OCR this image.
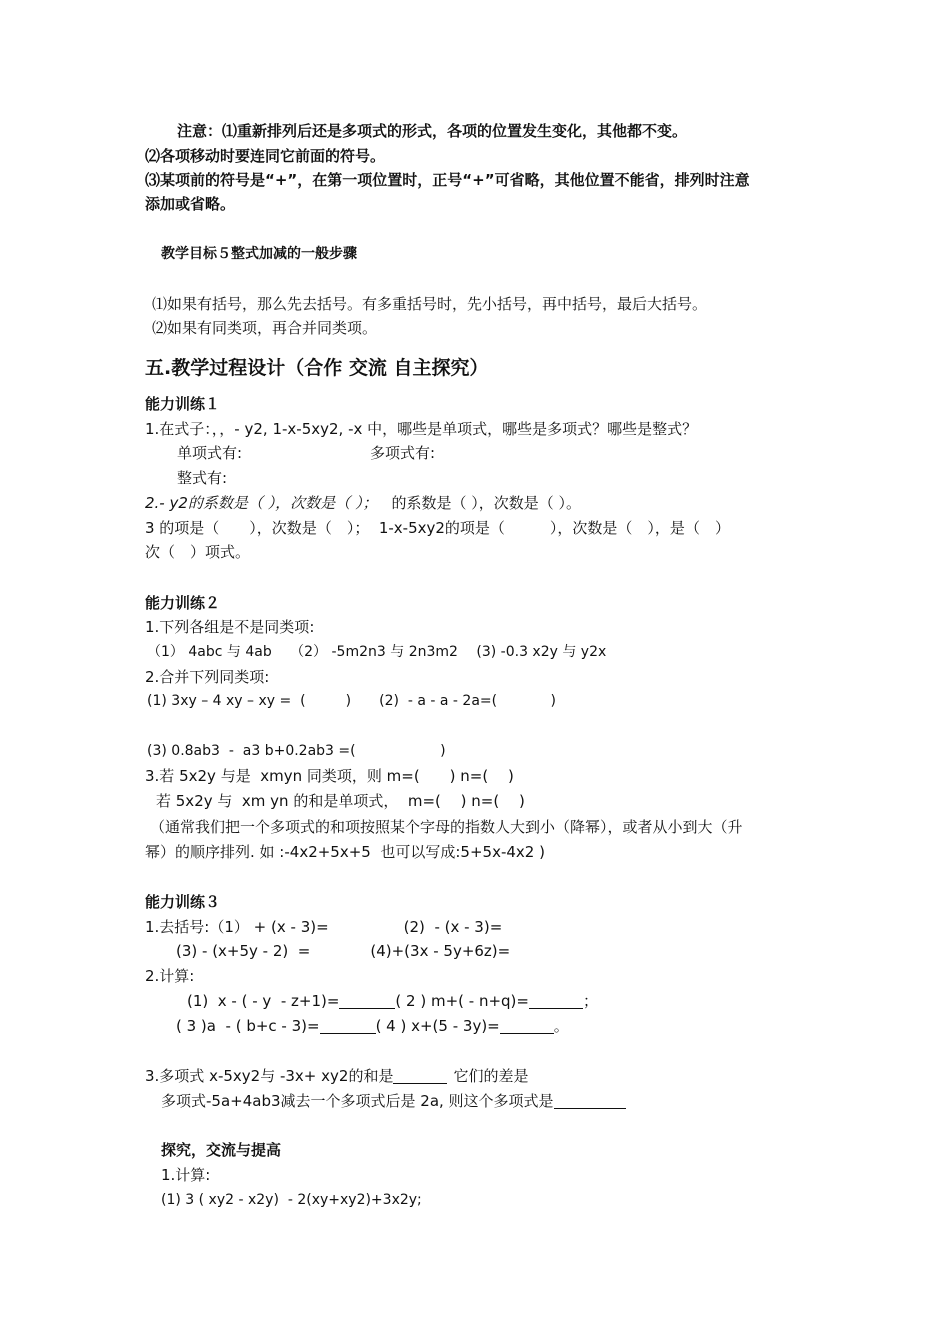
注意：⑴重新排列后还是多项式的形式，各项的位置发生变化，其他都不变。
⑵各项移动时要连同它前面的符号。
⑶某项前的符号是“+”，在第一项位置时，正号“+”可省略，其他位置不能省，排列时注意
添加或省略。
教学目标５整式加减的一般步骤
⑴如果有括号，那么先去括号。有多重括号时，先小括号，再中括号，最后大括号。
⑵如果有同类项，再合并同类项。
五.教学过程设计（合作 交流 自主探究）
能力训练１
1.在式子：，，- y2, 1-x-5xy2, -x 中，哪些是单项式，哪些是多项式？哪些是整式？
单项式有:	多项式有:
整式有:
2.- y2的系数是（ ），次数是（ ）； 的系数是（ ），次数是（ ）。
3 的项是（　　），次数是（　）；  1-x-5xy2的项是（　　　），次数是（　），是（　）
次（　）项式。
能力训练２
1.下列各组是不是同类项:
（1） 4abc 与 4ab　 （2） -5m2n3 与 2n3m2　 (3) -0.3 x2y 与 y2x
2.合并下列同类项:
(1) 3xy – 4 xy – xy =  (         )　　(2)  - a - a - 2a=(            )
(3) 0.8ab3  -  a3 b+0.2ab3 =(                   )
3.若 5x2y 与是  xmyn 同类项，则 m=(　　) n=(　 )
若 5x2y 与  xm yn 的和是单项式，  m=(　 ) n=(　 )
（通常我们把一个多项式的和项按照某个字母的指数人大到小（降幂），或者从小到大（升
幂）的顺序排列. 如 :-4x2+5x+5  也可以写成:5+5x-4x2 )
能力训练３
1.去括号:（1） + (x - 3)=　　　　　(2)  - (x - 3)=
(3) - (x+5y - 2)  =　　　　(4)+(3x - 5y+6z)=
2.计算:
(1)  x - ( - y  - z+1)=	( 2 ) m+( - n+q)=	；
( 3 )a  - ( b+c - 3)=	( 4 ) x+(5 - 3y)=	。
3.多项式 x-5xy2与 -3x+ xy2的和是	它们的差是
多项式-5a+4ab3减去一个多项式后是 2a, 则这个多项式是
探究，交流与提高
1.计算:
(1) 3 ( xy2 - x2y)  - 2(xy+xy2)+3x2y;
